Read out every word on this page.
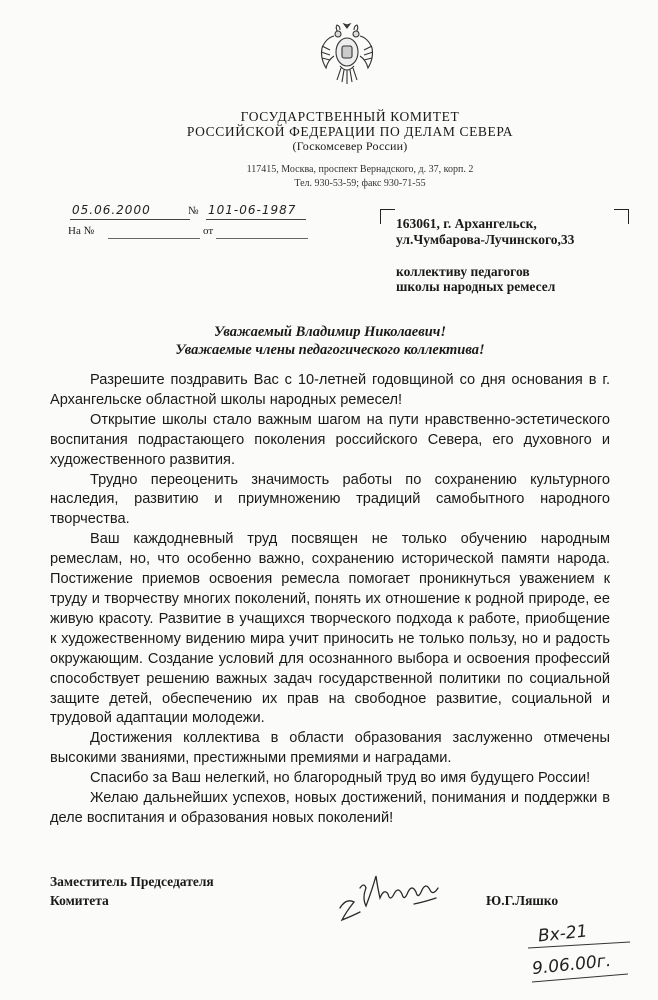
ГОСУДАРСТВЕННЫЙ КОМИТЕТ
РОССИЙСКОЙ ФЕДЕРАЦИИ ПО ДЕЛАМ СЕВЕРА
(Госкомсевер России)
117415, Москва, проспект Вернадского, д. 37, корп. 2
Тел. 930-53-59; факс 930-71-55
05.06.2000	№ 101-06-1987
На №	от	163061, г. Архангельск,
ул.Чумбарова-Лучинского,33
коллективу педагогов
школы народных ремесел
Уважаемый Владимир Николаевич!
Уважаемые члены педагогического коллектива!

Разрешите поздравить Вас с 10-летней годовщиной со дня основания в г. Архангельске областной школы народных ремесел!

Открытие школы стало важным шагом на пути нравственно-эстетического воспитания подрастающего поколения российского Севера, его духовного и художественного развития.

Трудно переоценить значимость работы по сохранению культурного наследия, развитию и приумножению традиций самобытного народного творчества.

Ваш каждодневный труд посвящен не только обучению народным ремеслам, но, что особенно важно, сохранению исторической памяти народа. Постижение приемов освоения ремесла помогает проникнуться уважением к труду и творчеству многих поколений, понять их отношение к родной природе, ее живую красоту. Развитие в учащихся творческого подхода к работе, приобщение к художественному видению мира учит приносить не только пользу, но и радость окружающим. Создание условий для осознанного выбора и освоения профессий способствует решению важных задач государственной политики по социальной защите детей, обеспечению их прав на свободное развитие, социальной и трудовой адаптации молодежи.

Достижения коллектива в области образования заслуженно отмечены высокими званиями, престижными премиями и наградами.

Спасибо за Ваш нелегкий, но благородный труд во имя будущего России!

Желаю дальнейших успехов, новых достижений, понимания и поддержки в деле воспитания и образования новых поколений!

Заместитель Председателя
Комитета	Ю.Г.Ляшко
Вх-21
9.06.00г.
